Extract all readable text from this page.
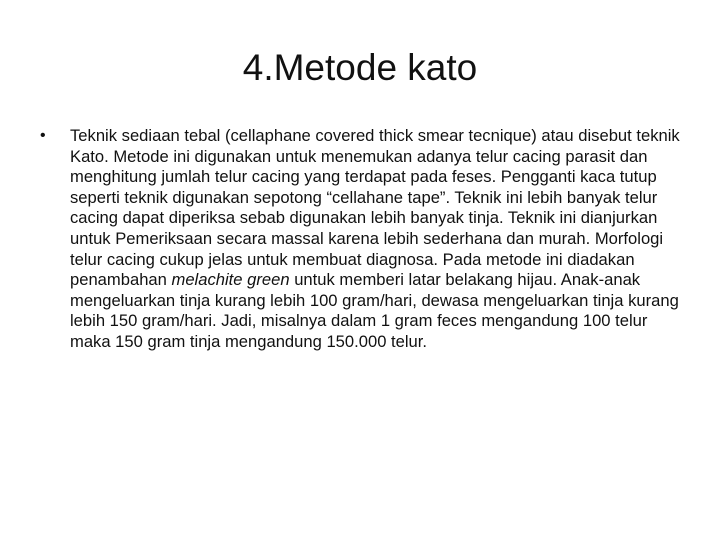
4.Metode kato
• Teknik sediaan tebal (cellaphane covered thick smear tecnique) atau disebut teknik Kato. Metode ini digunakan untuk menemukan adanya telur cacing parasit dan menghitung jumlah telur cacing yang terdapat pada feses. Pengganti kaca tutup seperti teknik digunakan sepotong “cellahane tape”. Teknik ini lebih banyak telur cacing dapat diperiksa sebab digunakan lebih banyak tinja. Teknik ini dianjurkan untuk Pemeriksaan secara massal karena lebih sederhana dan murah. Morfologi telur cacing cukup jelas untuk membuat diagnosa. Pada metode ini diadakan penambahan melachite green untuk memberi latar belakang hijau. Anak-anak mengeluarkan tinja kurang lebih 100 gram/hari, dewasa mengeluarkan tinja kurang lebih 150 gram/hari. Jadi, misalnya dalam 1 gram feces mengandung 100 telur maka 150 gram tinja mengandung 150.000 telur.
